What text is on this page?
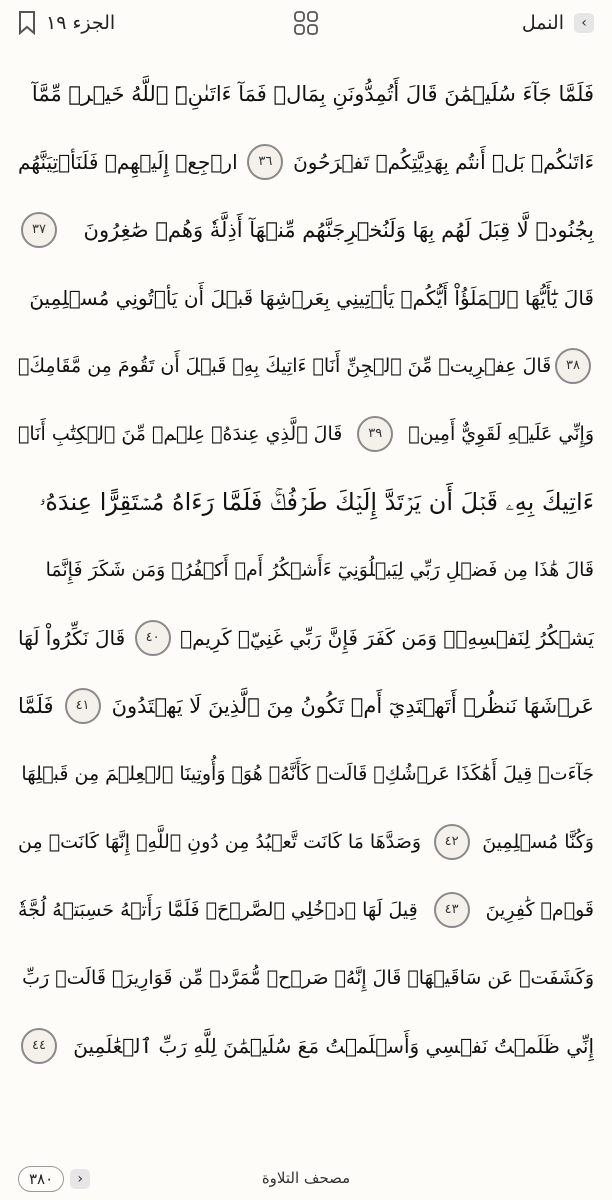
الجزء ١٩	النمل	‹
فَلَمَّا جَآءَ سُلَيۡمَٰنَ قَالَ أَتُمِدُّونَنِ بِمَالٖ فَمَآ ءَاتَىٰنِۦَ ٱللَّهُ خَيۡرٞ مِّمَّآ
ءَاتَىٰكُمۚ بَلۡ أَنتُم بِهَدِيَّتِكُمۡ تَفۡرَحُونَ
٣٦
ارۡجِعۡ إِلَيۡهِمۡ فَلَنَأۡتِيَنَّهُم
بِجُنُودٖ لَّا قِبَلَ لَهُم بِهَا وَلَنُخۡرِجَنَّهُم مِّنۡهَآ أَذِلَّةٗ وَهُمۡ صَٰغِرُونَ
٣٧
قَالَ يَٰٓأَيُّهَا ٱلۡمَلَؤُاْ أَيُّكُمۡ يَأۡتِينِي بِعَرۡشِهَا قَبۡلَ أَن يَأۡتُونِي مُسۡلِمِينَ
٣٨
قَالَ عِفۡرِيتٞ مِّنَ ٱلۡجِنِّ أَنَا۠ ءَاتِيكَ بِهِۦ قَبۡلَ أَن تَقُومَ مِن مَّقَامِكَۖ
وَإِنِّي عَلَيۡهِ لَقَوِيٌّ أَمِينٞ
٣٩
قَالَ ٱلَّذِي عِندَهُۥ عِلۡمٞ مِّنَ ٱلۡكِتَٰبِ أَنَا۠
ءَاتِيكَ بِهِۦ قَبۡلَ أَن يَرۡتَدَّ إِلَيۡكَ طَرۡفُكَۚ فَلَمَّا رَءَاهُ مُسۡتَقِرًّا عِندَهُۥ
قَالَ هَٰذَا مِن فَضۡلِ رَبِّي لِيَبۡلُوَنِيٓ ءَأَشۡكُرُ أَمۡ أَكۡفُرُۖ وَمَن شَكَرَ فَإِنَّمَا
يَشۡكُرُ لِنَفۡسِهِۦۖ وَمَن كَفَرَ فَإِنَّ رَبِّي غَنِيّٞ كَرِيمٞ
٤٠
قَالَ نَكِّرُواْ لَهَا
عَرۡشَهَا نَنظُرۡ أَتَهۡتَدِيٓ أَمۡ تَكُونُ مِنَ ٱلَّذِينَ لَا يَهۡتَدُونَ
٤١
فَلَمَّا
جَآءَتۡ قِيلَ أَهَٰكَذَا عَرۡشُكِۖ قَالَتۡ كَأَنَّهُۥ هُوَۚ وَأُوتِينَا ٱلۡعِلۡمَ مِن قَبۡلِهَا
وَكُنَّا مُسۡلِمِينَ
٤٢
وَصَدَّهَا مَا كَانَت تَّعۡبُدُ مِن دُونِ ٱللَّهِۖ إِنَّهَا كَانَتۡ مِن
قَوۡمٖ كَٰفِرِينَ
٤٣
قِيلَ لَهَا ٱدۡخُلِي ٱلصَّرۡحَۖ فَلَمَّا رَأَتۡهُ حَسِبَتۡهُ لُجَّةٗ
وَكَشَفَتۡ عَن سَاقَيۡهَاۚ قَالَ إِنَّهُۥ صَرۡحٞ مُّمَرَّدٞ مِّن قَوَارِيرَۗ قَالَتۡ رَبِّ
إِنِّي ظَلَمۡتُ نَفۡسِي وَأَسۡلَمۡتُ مَعَ سُلَيۡمَٰنَ لِلَّهِ رَبِّ ٱلۡعَٰلَمِينَ
٤٤
٣٨٠	›	مصحف التلاوة
